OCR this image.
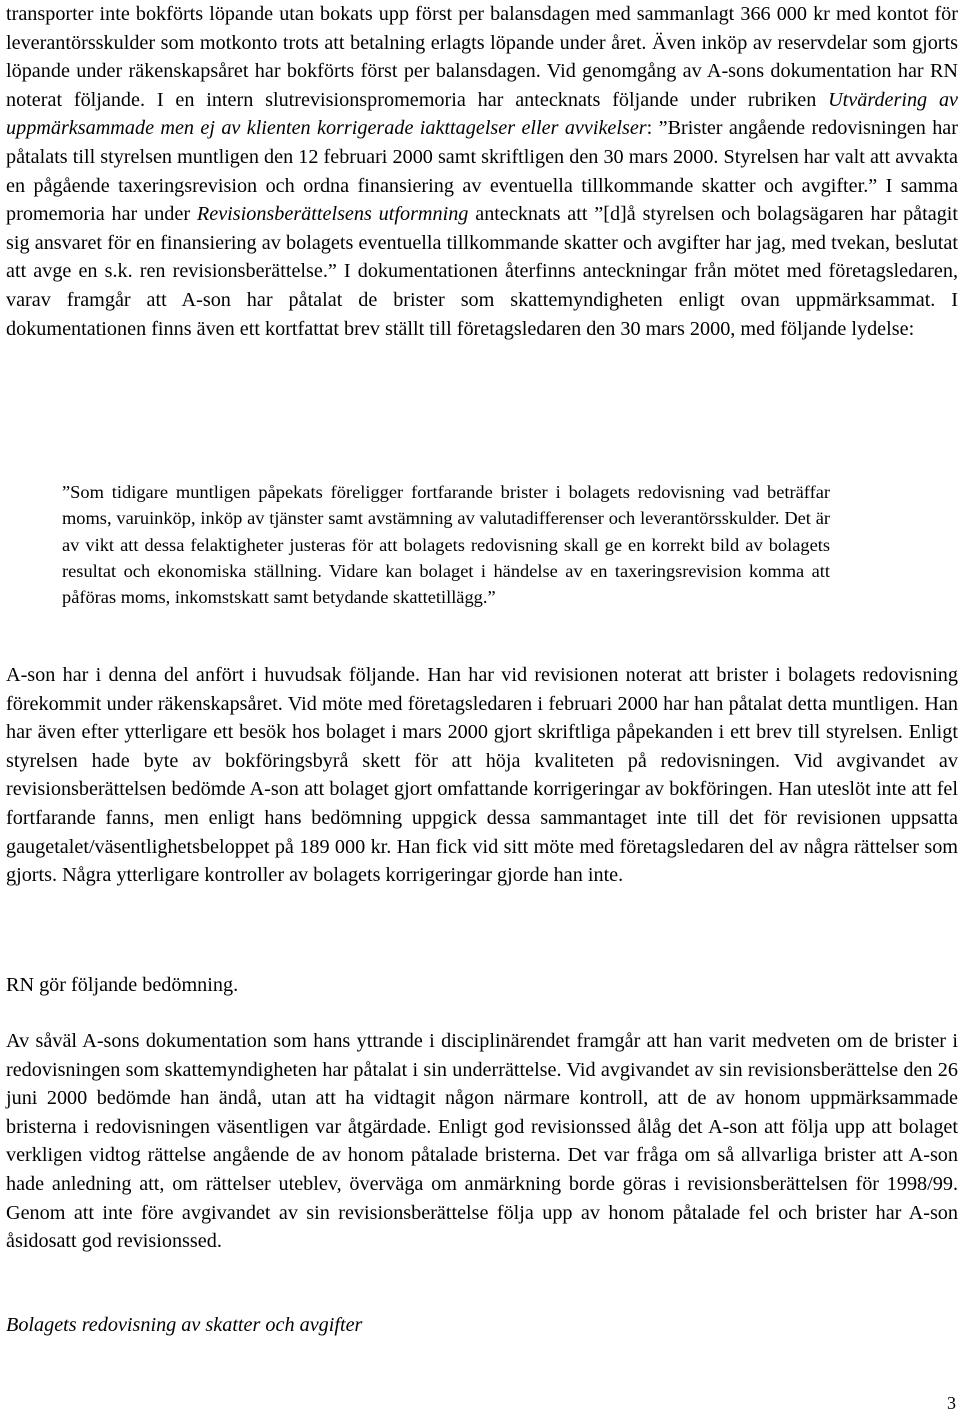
transporter inte bokförts löpande utan bokats upp först per balansdagen med sammanlagt 366 000 kr med kontot för leverantörsskulder som motkonto trots att betalning erlagts löpande under året. Även inköp av reservdelar som gjorts löpande under räkenskapsåret har bokförts först per balansdagen. Vid genomgång av A-sons dokumentation har RN noterat följande. I en intern slutrevisionspromemoria har antecknats följande under rubriken Utvärdering av uppmärksammade men ej av klienten korrigerade iakttagelser eller avvikelser: ”Brister angående redovisningen har påtalats till styrelsen muntligen den 12 februari 2000 samt skriftligen den 30 mars 2000. Styrelsen har valt att avvakta en pågående taxeringsrevision och ordna finansiering av eventuella tillkommande skatter och avgifter.” I samma promemoria har under Revisionsberättelsens utformning antecknats att ”[d]å styrelsen och bolagsägaren har påtagit sig ansvaret för en finansiering av bolagets eventuella tillkommande skatter och avgifter har jag, med tvekan, beslutat att avge en s.k. ren revisionsberättelse.” I dokumentationen återfinns anteckningar från mötet med företagsledaren, varav framgår att A-son har påtalat de brister som skattemyndigheten enligt ovan uppmärksammat. I dokumentationen finns även ett kortfattat brev ställt till företagsledaren den 30 mars 2000, med följande lydelse:
”Som tidigare muntligen påpekats föreligger fortfarande brister i bolagets redovisning vad beträffar moms, varuinköp, inköp av tjänster samt avstämning av valutadifferenser och leverantörsskulder. Det är av vikt att dessa felaktigheter justeras för att bolagets redovisning skall ge en korrekt bild av bolagets resultat och ekonomiska ställning. Vidare kan bolaget i händelse av en taxeringsrevision komma att påföras moms, inkomstskatt samt betydande skattetillägg.”
A-son har i denna del anfört i huvudsak följande. Han har vid revisionen noterat att brister i bolagets redovisning förekommit under räkenskapsåret. Vid möte med företagsledaren i februari 2000 har han påtalat detta muntligen. Han har även efter ytterligare ett besök hos bolaget i mars 2000 gjort skriftliga påpekanden i ett brev till styrelsen. Enligt styrelsen hade byte av bokföringsbyrå skett för att höja kvaliteten på redovisningen. Vid avgivandet av revisionsberättelsen bedömde A-son att bolaget gjort omfattande korrigeringar av bokföringen. Han uteslöt inte att fel fortfarande fanns, men enligt hans bedömning uppgick dessa sammantaget inte till det för revisionen uppsatta gaugetalet/väsentlighetsbeloppet på 189 000 kr. Han fick vid sitt möte med företagsledaren del av några rättelser som gjorts. Några ytterligare kontroller av bolagets korrigeringar gjorde han inte.
RN gör följande bedömning.
Av såväl A-sons dokumentation som hans yttrande i disciplinärendet framgår att han varit medveten om de brister i redovisningen som skattemyndigheten har påtalat i sin underrättelse. Vid avgivandet av sin revisionsberättelse den 26 juni 2000 bedömde han ändå, utan att ha vidtagit någon närmare kontroll, att de av honom uppmärksammade bristerna i redovisningen väsentligen var åtgärdade. Enligt god revisionssed ålåg det A-son att följa upp att bolaget verkligen vidtog rättelse angående de av honom påtalade bristerna. Det var fråga om så allvarliga brister att A-son hade anledning att, om rättelser uteblev, överväga om anmärkning borde göras i revisionsberättelsen för 1998/99. Genom att inte före avgivandet av sin revisionsberättelse följa upp av honom påtalade fel och brister har A-son åsidosatt god revisionssed.
Bolagets redovisning av skatter och avgifter
3
